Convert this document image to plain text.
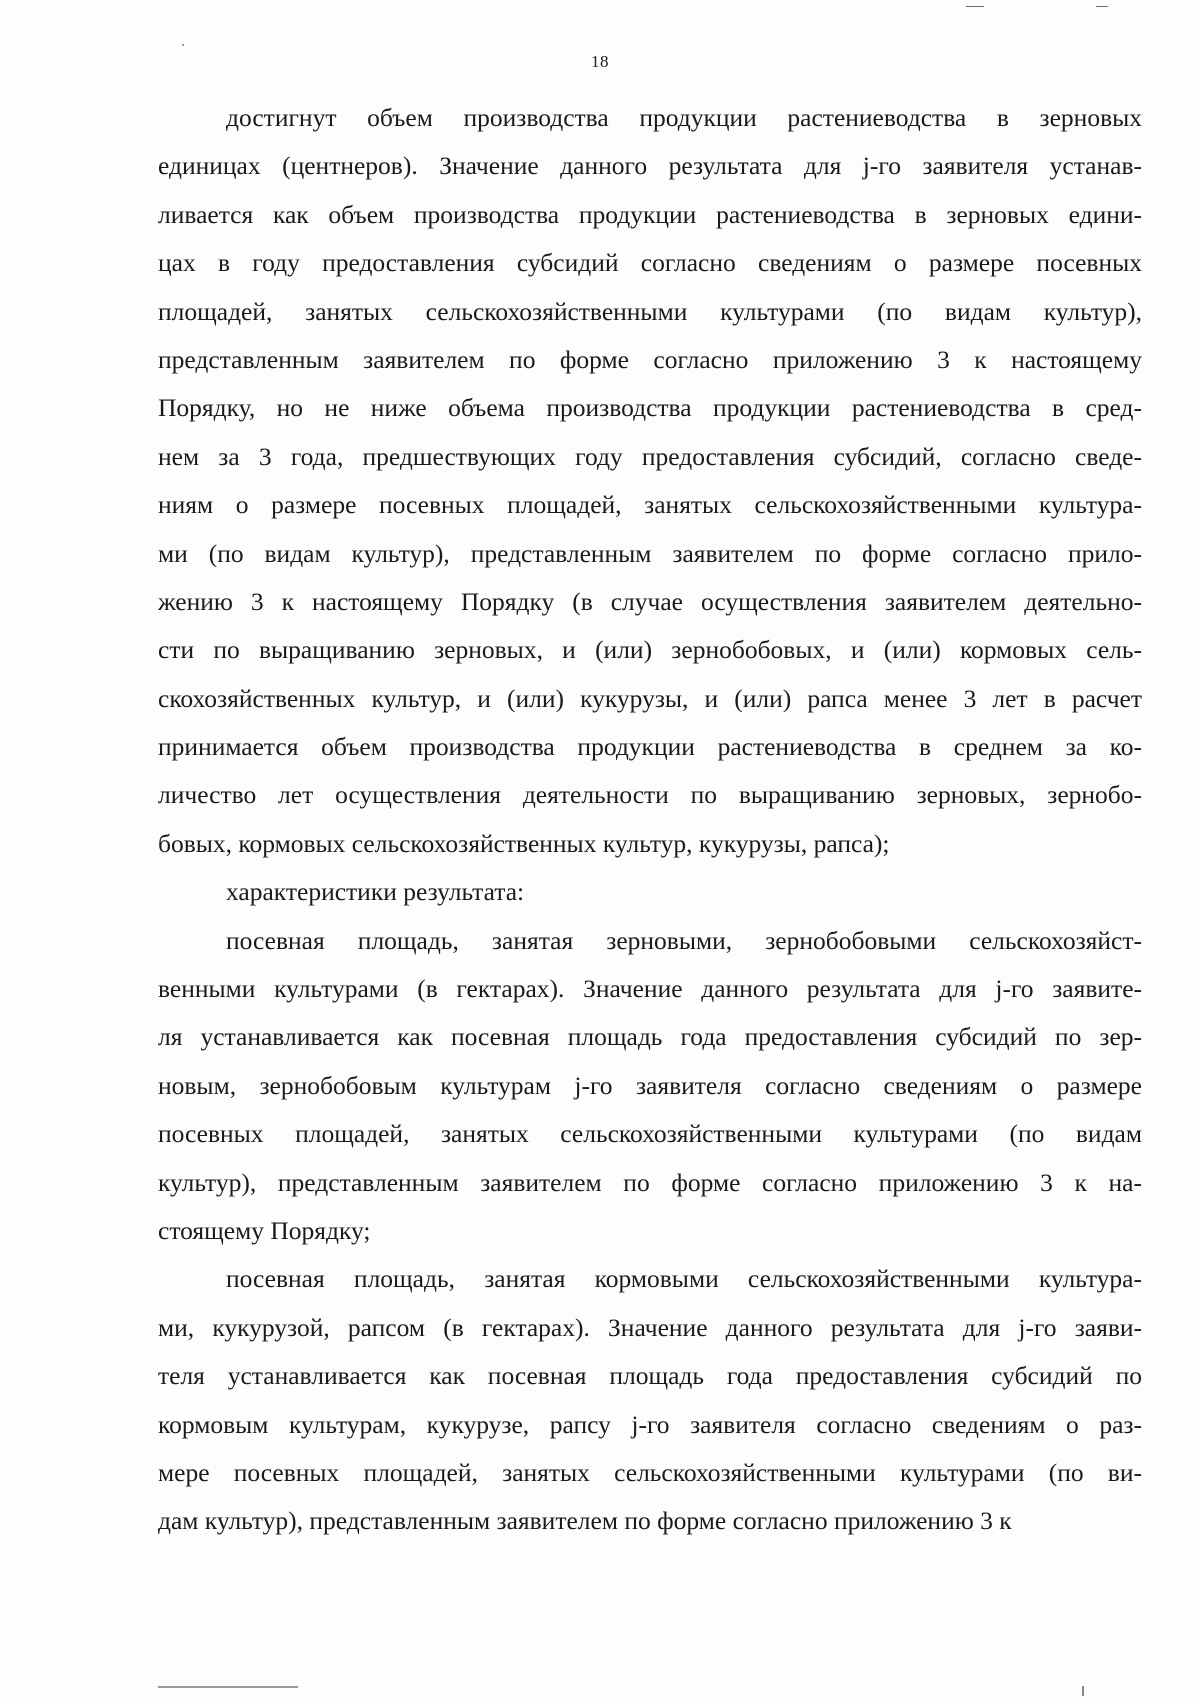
18
достигнут объем производства продукции растениеводства в зерновых
единицах (центнеров). Значение данного результата для j-го заявителя устанав-
ливается как объем производства продукции растениеводства в зерновых едини-
цах в году предоставления субсидий согласно сведениям о размере посевных
площадей, занятых сельскохозяйственными культурами (по видам культур),
представленным заявителем по форме согласно приложению 3 к настоящему
Порядку, но не ниже объема производства продукции растениеводства в сред-
нем за 3 года, предшествующих году предоставления субсидий, согласно сведе-
ниям о размере посевных площадей, занятых сельскохозяйственными культура-
ми (по видам культур), представленным заявителем по форме согласно прило-
жению 3 к настоящему Порядку (в случае осуществления заявителем деятельно-
сти по выращиванию зерновых, и (или) зернобобовых, и (или) кормовых сель-
скохозяйственных культур, и (или) кукурузы, и (или) рапса менее 3 лет в расчет
принимается объем производства продукции растениеводства в среднем за ко-
личество лет осуществления деятельности по выращиванию зерновых, зернобо-
бовых, кормовых сельскохозяйственных культур, кукурузы, рапса);
характеристики результата:
посевная площадь, занятая зерновыми, зернобобовыми сельскохозяйст-
венными культурами (в гектарах). Значение данного результата для j-го заявите-
ля устанавливается как посевная площадь года предоставления субсидий по зер-
новым, зернобобовым культурам j-го заявителя согласно сведениям о размере
посевных площадей, занятых сельскохозяйственными культурами (по видам
культур), представленным заявителем по форме согласно приложению 3 к на-
стоящему Порядку;
посевная площадь, занятая кормовыми сельскохозяйственными культура-
ми, кукурузой, рапсом (в гектарах). Значение данного результата для j-го заяви-
теля устанавливается как посевная площадь года предоставления субсидий по
кормовым культурам, кукурузе, рапсу j-го заявителя согласно сведениям о раз-
мере посевных площадей, занятых сельскохозяйственными культурами (по ви-
дам культур), представленным заявителем по форме согласно приложению 3 к
